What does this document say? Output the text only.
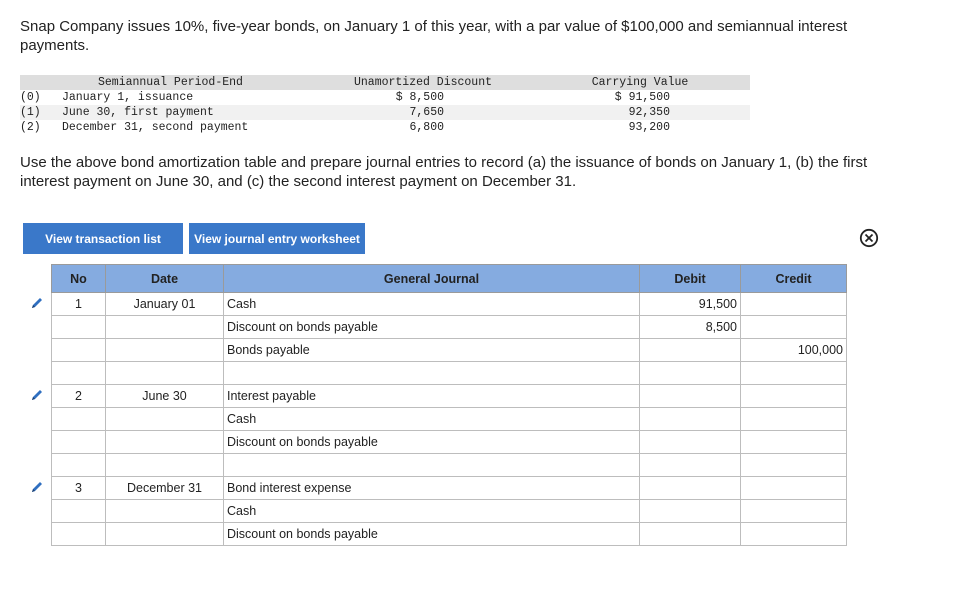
Snap Company issues 10%, five-year bonds, on January 1 of this year, with a par value of $100,000 and semiannual interest payments.
Semiannual Period-End	Unamortized Discount	Carrying Value
(0)	January 1, issuance	$ 8,500	$ 91,500
(1)	June 30, first payment	7,650	92,350
(2)	December 31, second payment	6,800	93,200
Use the above bond amortization table and prepare journal entries to record (a) the issuance of bonds on January 1, (b) the first interest payment on June 30, and (c) the second interest payment on December 31.
View transaction list	View journal entry worksheet
No	Date	General Journal	Debit	Credit
1	January 01	Cash	91,500	
		Discount on bonds payable	8,500	
		Bonds payable		100,000

2	June 30	Interest payable		
		Cash		
		Discount on bonds payable		

3	December 31	Bond interest expense		
		Cash		
		Discount on bonds payable		
